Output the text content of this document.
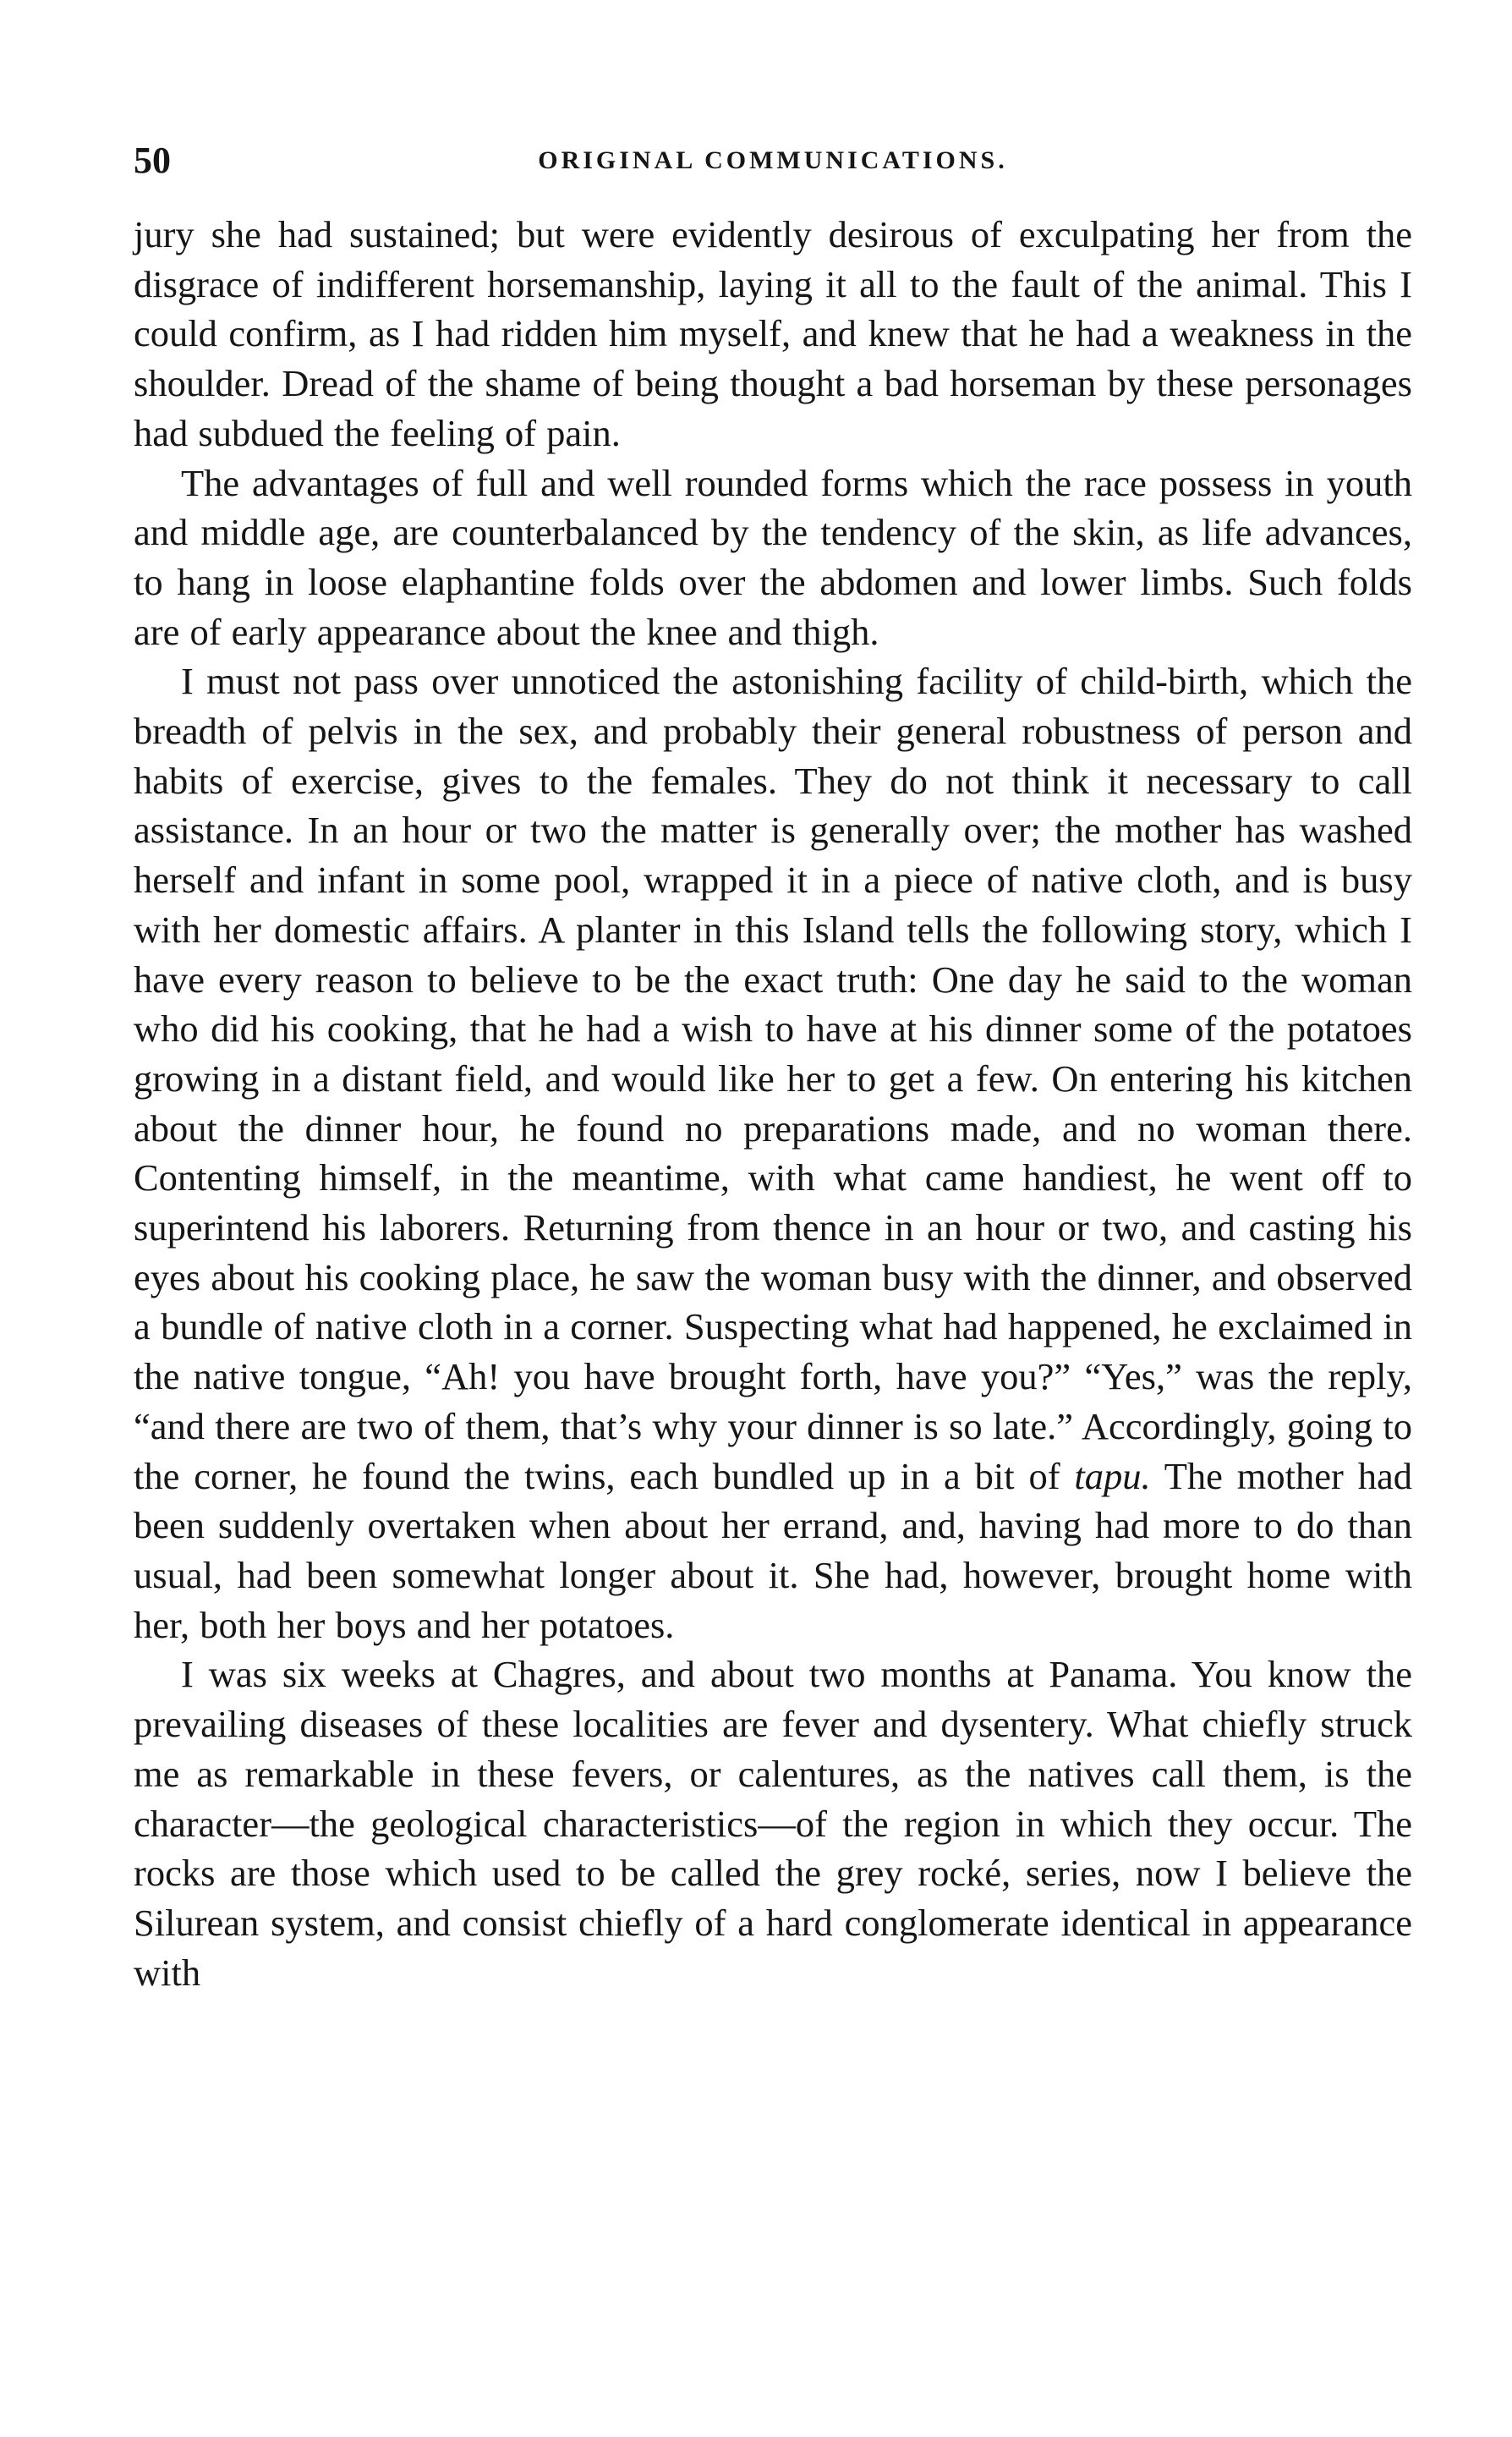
50	ORIGINAL COMMUNICATIONS.

jury she had sustained; but were evidently desirous of exculpating her from the disgrace of indifferent horsemanship, laying it all to the fault of the animal. This I could confirm, as I had ridden him myself, and knew that he had a weakness in the shoulder. Dread of the shame of being thought a bad horseman by these personages had subdued the feeling of pain.

The advantages of full and well rounded forms which the race possess in youth and middle age, are counterbalanced by the tendency of the skin, as life advances, to hang in loose elaphantine folds over the abdomen and lower limbs. Such folds are of early appearance about the knee and thigh.

I must not pass over unnoticed the astonishing facility of child-birth, which the breadth of pelvis in the sex, and probably their general robustness of person and habits of exercise, gives to the females. They do not think it necessary to call assistance. In an hour or two the matter is generally over; the mother has washed herself and infant in some pool, wrapped it in a piece of native cloth, and is busy with her domestic affairs. A planter in this Island tells the following story, which I have every reason to believe to be the exact truth: One day he said to the woman who did his cooking, that he had a wish to have at his dinner some of the potatoes growing in a distant field, and would like her to get a few. On entering his kitchen about the dinner hour, he found no preparations made, and no woman there. Contenting himself, in the meantime, with what came handiest, he went off to superintend his laborers. Returning from thence in an hour or two, and casting his eyes about his cooking place, he saw the woman busy with the dinner, and observed a bundle of native cloth in a corner. Suspecting what had happened, he exclaimed in the native tongue, “Ah! you have brought forth, have you?” “Yes,” was the reply, “and there are two of them, that’s why your dinner is so late.” Accordingly, going to the corner, he found the twins, each bundled up in a bit of tapu. The mother had been suddenly overtaken when about her errand, and, having had more to do than usual, had been somewhat longer about it. She had, however, brought home with her, both her boys and her potatoes.

I was six weeks at Chagres, and about two months at Panama. You know the prevailing diseases of these localities are fever and dysentery. What chiefly struck me as remarkable in these fevers, or calentures, as the natives call them, is the character—the geological characteristics—of the region in which they occur. The rocks are those which used to be called the grey rocké, series, now I believe the Silurean system, and consist chiefly of a hard conglomerate identical in appearance with
